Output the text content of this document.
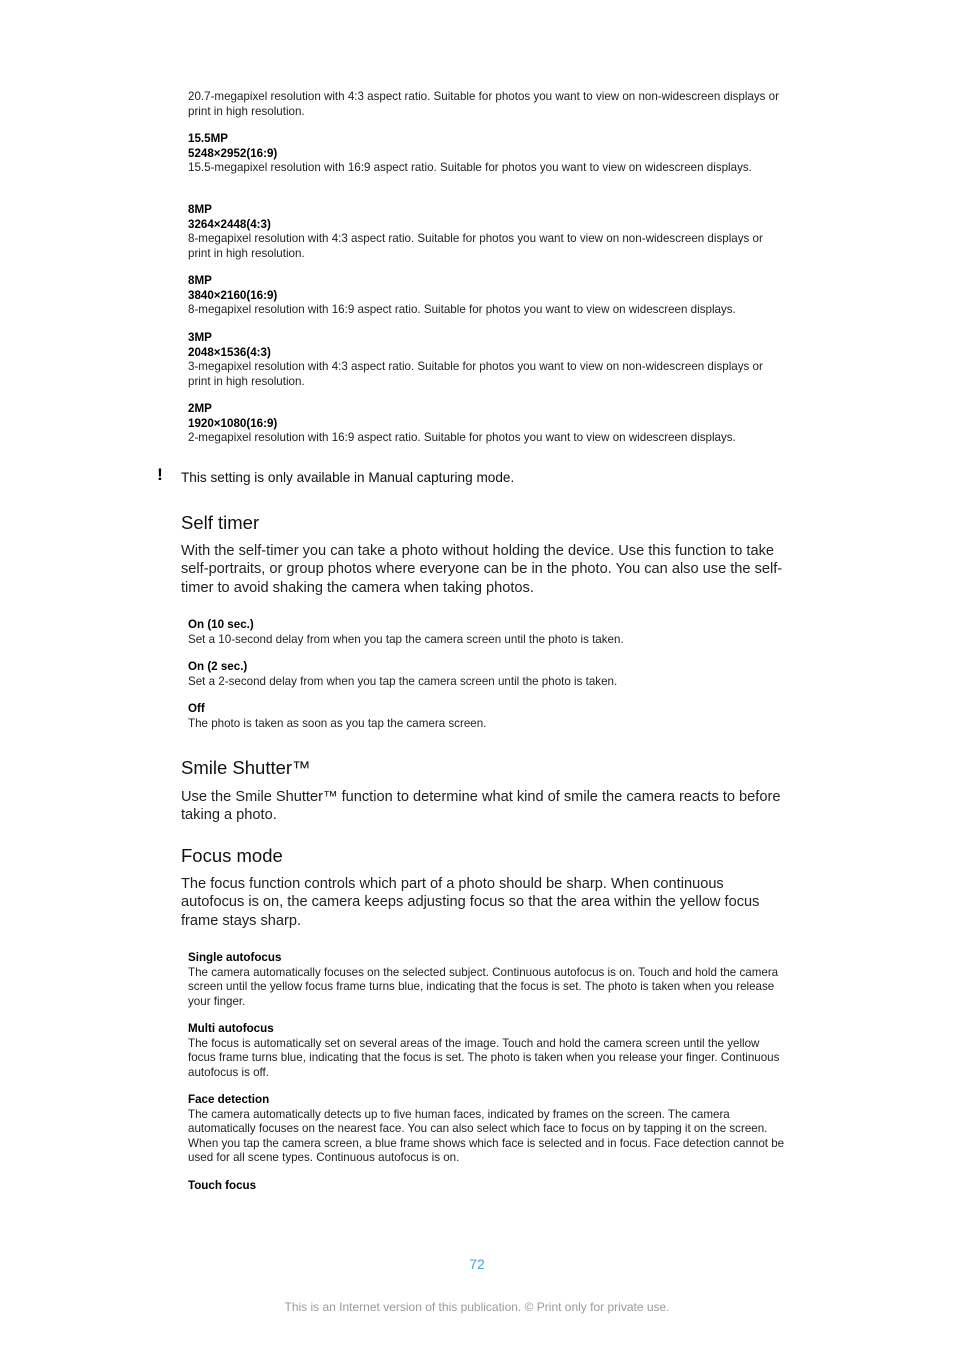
20.7-megapixel resolution with 4:3 aspect ratio. Suitable for photos you want to view on non-widescreen displays or print in high resolution.
15.5MP
5248×2952(16:9)
15.5-megapixel resolution with 16:9 aspect ratio. Suitable for photos you want to view on widescreen displays.
8MP
3264×2448(4:3)
8-megapixel resolution with 4:3 aspect ratio. Suitable for photos you want to view on non-widescreen displays or print in high resolution.
8MP
3840×2160(16:9)
8-megapixel resolution with 16:9 aspect ratio. Suitable for photos you want to view on widescreen displays.
3MP
2048×1536(4:3)
3-megapixel resolution with 4:3 aspect ratio. Suitable for photos you want to view on non-widescreen displays or print in high resolution.
2MP
1920×1080(16:9)
2-megapixel resolution with 16:9 aspect ratio. Suitable for photos you want to view on widescreen displays.
! This setting is only available in Manual capturing mode.
Self timer

With the self-timer you can take a photo without holding the device. Use this function to take self-portraits, or group photos where everyone can be in the photo. You can also use the self-timer to avoid shaking the camera when taking photos.

On (10 sec.)
Set a 10-second delay from when you tap the camera screen until the photo is taken.
On (2 sec.)
Set a 2-second delay from when you tap the camera screen until the photo is taken.
Off
The photo is taken as soon as you tap the camera screen.
Smile Shutter™

Use the Smile Shutter™ function to determine what kind of smile the camera reacts to before taking a photo.

Focus mode

The focus function controls which part of a photo should be sharp. When continuous autofocus is on, the camera keeps adjusting focus so that the area within the yellow focus frame stays sharp.

Single autofocus
The camera automatically focuses on the selected subject. Continuous autofocus is on. Touch and hold the camera screen until the yellow focus frame turns blue, indicating that the focus is set. The photo is taken when you release your finger.
Multi autofocus
The focus is automatically set on several areas of the image. Touch and hold the camera screen until the yellow focus frame turns blue, indicating that the focus is set. The photo is taken when you release your finger. Continuous autofocus is off.
Face detection
The camera automatically detects up to five human faces, indicated by frames on the screen. The camera automatically focuses on the nearest face. You can also select which face to focus on by tapping it on the screen. When you tap the camera screen, a blue frame shows which face is selected and in focus. Face detection cannot be used for all scene types. Continuous autofocus is on.
Touch focus
72
This is an Internet version of this publication. © Print only for private use.
